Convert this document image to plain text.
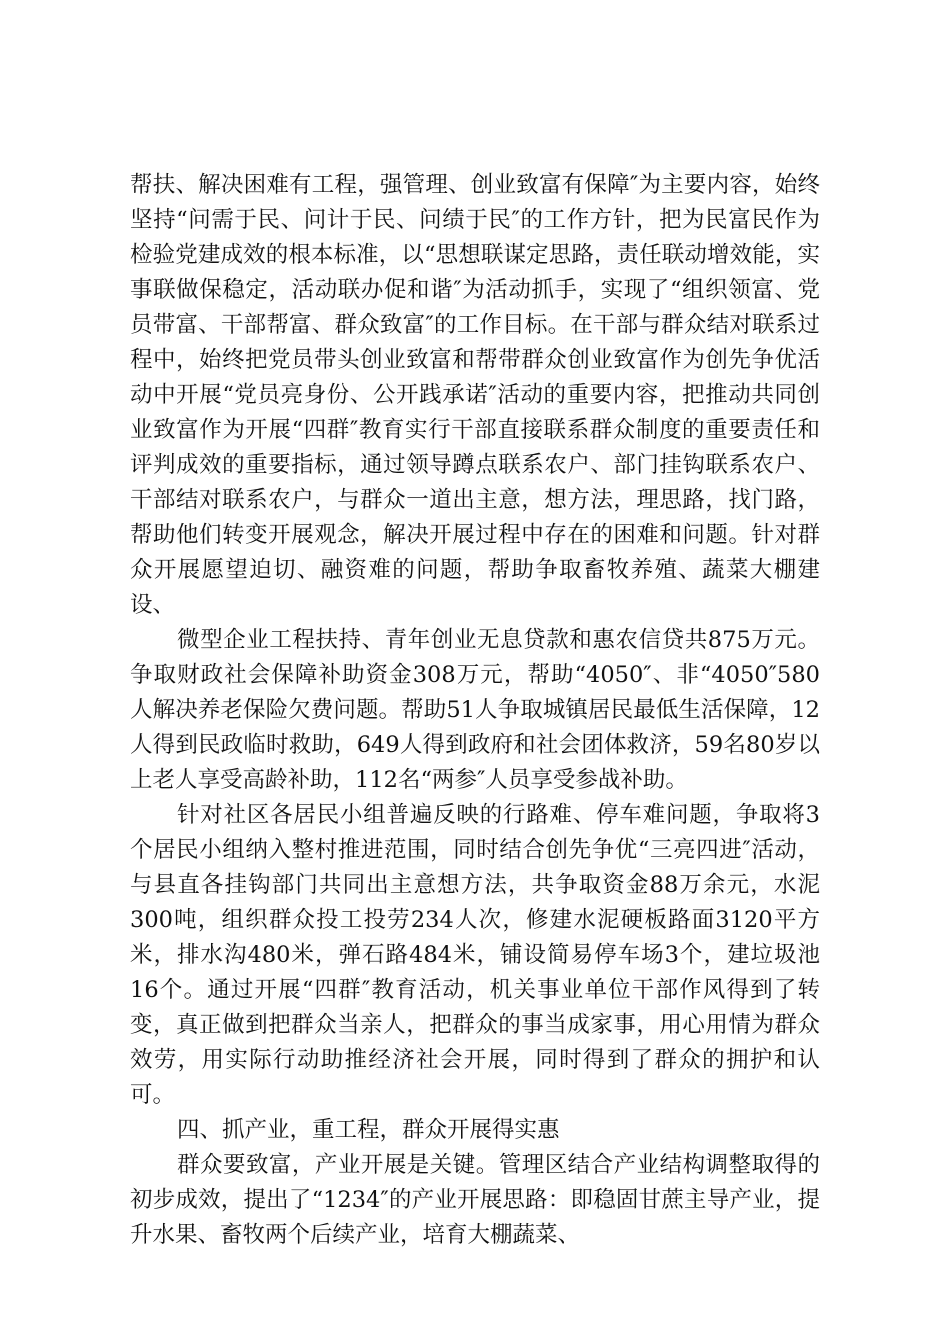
帮扶、解决困难有工程，强管理、创业致富有保障″为主要内容，始终坚持“问需于民、问计于民、问绩于民″的工作方针，把为民富民作为检验党建成效的根本标准，以“思想联谋定思路，责任联动增效能，实事联做保稳定，活动联办促和谐″为活动抓手，实现了“组织领富、党员带富、干部帮富、群众致富″的工作目标。在干部与群众结对联系过程中，始终把党员带头创业致富和帮带群众创业致富作为创先争优活动中开展“党员亮身份、公开践承诺″活动的重要内容，把推动共同创业致富作为开展“四群″教育实行干部直接联系群众制度的重要责任和评判成效的重要指标，通过领导蹲点联系农户、部门挂钩联系农户、干部结对联系农户，与群众一道出主意，想方法，理思路，找门路，帮助他们转变开展观念，解决开展过程中存在的困难和问题。针对群众开展愿望迫切、融资难的问题，帮助争取畜牧养殖、蔬菜大棚建设、

微型企业工程扶持、青年创业无息贷款和惠农信贷共875万元。争取财政社会保障补助资金308万元，帮助“4050″、非“4050″580人解决养老保险欠费问题。帮助51人争取城镇居民最低生活保障，12人得到民政临时救助，649人得到政府和社会团体救济，59名80岁以上老人享受高龄补助，112名“两参″人员享受参战补助。

针对社区各居民小组普遍反映的行路难、停车难问题，争取将3个居民小组纳入整村推进范围，同时结合创先争优“三亮四进″活动，与县直各挂钩部门共同出主意想方法，共争取资金88万余元，水泥300吨，组织群众投工投劳234人次，修建水泥硬板路面3120平方米，排水沟480米，弹石路484米，铺设简易停车场3个，建垃圾池16个。通过开展“四群″教育活动，机关事业单位干部作风得到了转变，真正做到把群众当亲人，把群众的事当成家事，用心用情为群众效劳，用实际行动助推经济社会开展，同时得到了群众的拥护和认可。

四、抓产业，重工程，群众开展得实惠

群众要致富，产业开展是关键。管理区结合产业结构调整取得的初步成效，提出了“1234″的产业开展思路：即稳固甘蔗主导产业，提升水果、畜牧两个后续产业，培育大棚蔬菜、
